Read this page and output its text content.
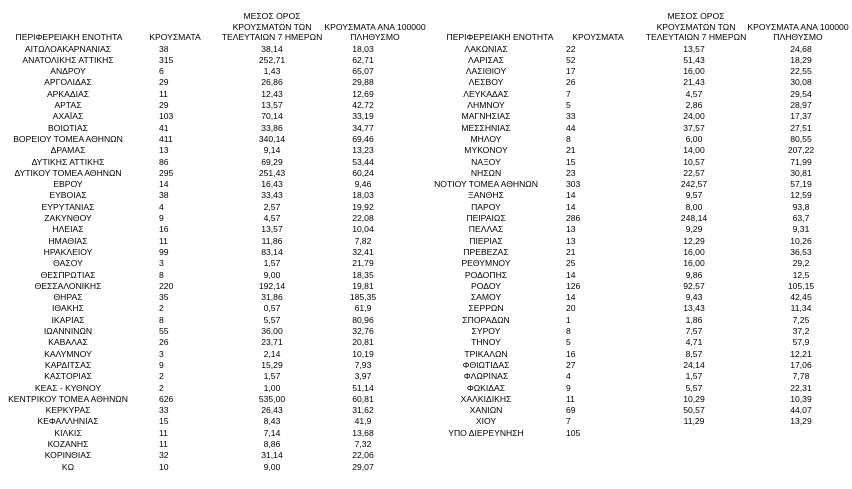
ΠΕΡΙΦΕΡΕΙΑΚΗ ΕΝΟΤΗΤΑ	ΚΡΟΥΣΜΑΤΑ
ΜΕΣΟΣ ΟΡΟΣ
ΚΡΟΥΣΜΑΤΩΝ ΤΩΝ
ΤΕΛΕΥΤΑΙΩΝ 7 ΗΜΕΡΩΝ
ΚΡΟΥΣΜΑΤΑ ΑΝΑ 100000
ΠΛΗΘΥΣΜΟ
ΑΙΤΩΛΟΑΚΑΡΝΑΝΙΑΣ	38	38,14	18,03
ΑΝΑΤΟΛΙΚΗΣ ΑΤΤΙΚΗΣ	315	252,71	62,71
ΑΝΔΡΟΥ	6	1,43	65,07
ΑΡΓΟΛΙΔΑΣ	29	26,86	29,88
ΑΡΚΑΔΙΑΣ	11	12,43	12,69
ΑΡΤΑΣ	29	13,57	42,72
ΑΧΑΪΑΣ	103	70,14	33,19
ΒΟΙΩΤΙΑΣ	41	33,86	34,77
ΒΟΡΕΙΟΥ ΤΟΜΕΑ ΑΘΗΝΩΝ	411	340,14	69,46
ΔΡΑΜΑΣ	13	9,14	13,23
ΔΥΤΙΚΗΣ ΑΤΤΙΚΗΣ	86	69,29	53,44
ΔΥΤΙΚΟΥ ΤΟΜΕΑ ΑΘΗΝΩΝ	295	251,43	60,24
ΕΒΡΟΥ	14	16,43	9,46
ΕΥΒΟΙΑΣ	38	33,43	18,03
ΕΥΡΥΤΑΝΙΑΣ	4	2,57	19,92
ΖΑΚΥΝΘΟΥ	9	4,57	22,08
ΗΛΕΙΑΣ	16	13,57	10,04
ΗΜΑΘΙΑΣ	11	11,86	7,82
ΗΡΑΚΛΕΙΟΥ	99	83,14	32,41
ΘΑΣΟΥ	3	1,57	21,79
ΘΕΣΠΡΩΤΙΑΣ	8	9,00	18,35
ΘΕΣΣΑΛΟΝΙΚΗΣ	220	192,14	19,81
ΘΗΡΑΣ	35	31,86	185,35
ΙΘΑΚΗΣ	2	0,57	61,9
ΙΚΑΡΙΑΣ	8	5,57	80,96
ΙΩΑΝΝΙΝΩΝ	55	36,00	32,76
ΚΑΒΑΛΑΣ	26	23,71	20,81
ΚΑΛΥΜΝΟΥ	3	2,14	10,19
ΚΑΡΔΙΤΣΑΣ	9	15,29	7,93
ΚΑΣΤΟΡΙΑΣ	2	1,57	3,97
ΚΕΑΣ - ΚΥΘΝΟΥ	2	1,00	51,14
ΚΕΝΤΡΙΚΟΥ ΤΟΜΕΑ ΑΘΗΝΩΝ	626	535,00	60,81
ΚΕΡΚΥΡΑΣ	33	26,43	31,62
ΚΕΦΑΛΛΗΝΙΑΣ	15	8,43	41,9
ΚΙΛΚΙΣ	11	7,14	13,68
ΚΟΖΑΝΗΣ	11	8,86	7,32
ΚΟΡΙΝΘΙΑΣ	32	31,14	22,06
ΚΩ	10	9,00	29,07
ΠΕΡΙΦΕΡΕΙΑΚΗ ΕΝΟΤΗΤΑ	ΚΡΟΥΣΜΑΤΑ
ΜΕΣΟΣ ΟΡΟΣ
ΚΡΟΥΣΜΑΤΩΝ ΤΩΝ
ΤΕΛΕΥΤΑΙΩΝ 7 ΗΜΕΡΩΝ
ΚΡΟΥΣΜΑΤΑ ΑΝΑ 100000
ΠΛΗΘΥΣΜΟ
ΛΑΚΩΝΙΑΣ	22	13,57	24,68
ΛΑΡΙΣΑΣ	52	51,43	18,29
ΛΑΣΙΘΙΟΥ	17	16,00	22,55
ΛΕΣΒΟΥ	26	21,43	30,08
ΛΕΥΚΑΔΑΣ	7	4,57	29,54
ΛΗΜΝΟΥ	5	2,86	28,97
ΜΑΓΝΗΣΙΑΣ	33	24,00	17,37
ΜΕΣΣΗΝΙΑΣ	44	37,57	27,51
ΜΗΛΟΥ	8	6,00	80,55
ΜΥΚΟΝΟΥ	21	14,00	207,22
ΝΑΞΟΥ	15	10,57	71,99
ΝΗΣΩΝ	23	22,57	30,81
ΝΟΤΙΟΥ ΤΟΜΕΑ ΑΘΗΝΩΝ	303	242,57	57,19
ΞΑΝΘΗΣ	14	9,57	12,59
ΠΑΡΟΥ	14	8,00	93,8
ΠΕΙΡΑΙΩΣ	286	248,14	63,7
ΠΕΛΛΑΣ	13	9,29	9,31
ΠΙΕΡΙΑΣ	13	12,29	10,26
ΠΡΕΒΕΖΑΣ	21	16,00	36,53
ΡΕΘΥΜΝΟΥ	25	16,00	29,2
ΡΟΔΟΠΗΣ	14	9,86	12,5
ΡΟΔΟΥ	126	92,57	105,15
ΣΑΜΟΥ	14	9,43	42,45
ΣΕΡΡΩΝ	20	13,43	11,34
ΣΠΟΡΑΔΩΝ	1	1,86	7,25
ΣΥΡΟΥ	8	7,57	37,2
ΤΗΝΟΥ	5	4,71	57,9
ΤΡΙΚΑΛΩΝ	16	8,57	12,21
ΦΘΙΩΤΙΔΑΣ	27	24,14	17,06
ΦΛΩΡΙΝΑΣ	4	1,57	7,78
ΦΩΚΙΔΑΣ	9	5,57	22,31
ΧΑΛΚΙΔΙΚΗΣ	11	10,29	10,39
ΧΑΝΙΩΝ	69	50,57	44,07
ΧΙΟΥ	7	11,29	13,29
ΥΠΟ ΔΙΕΡΕΥΝΗΣΗ	105
